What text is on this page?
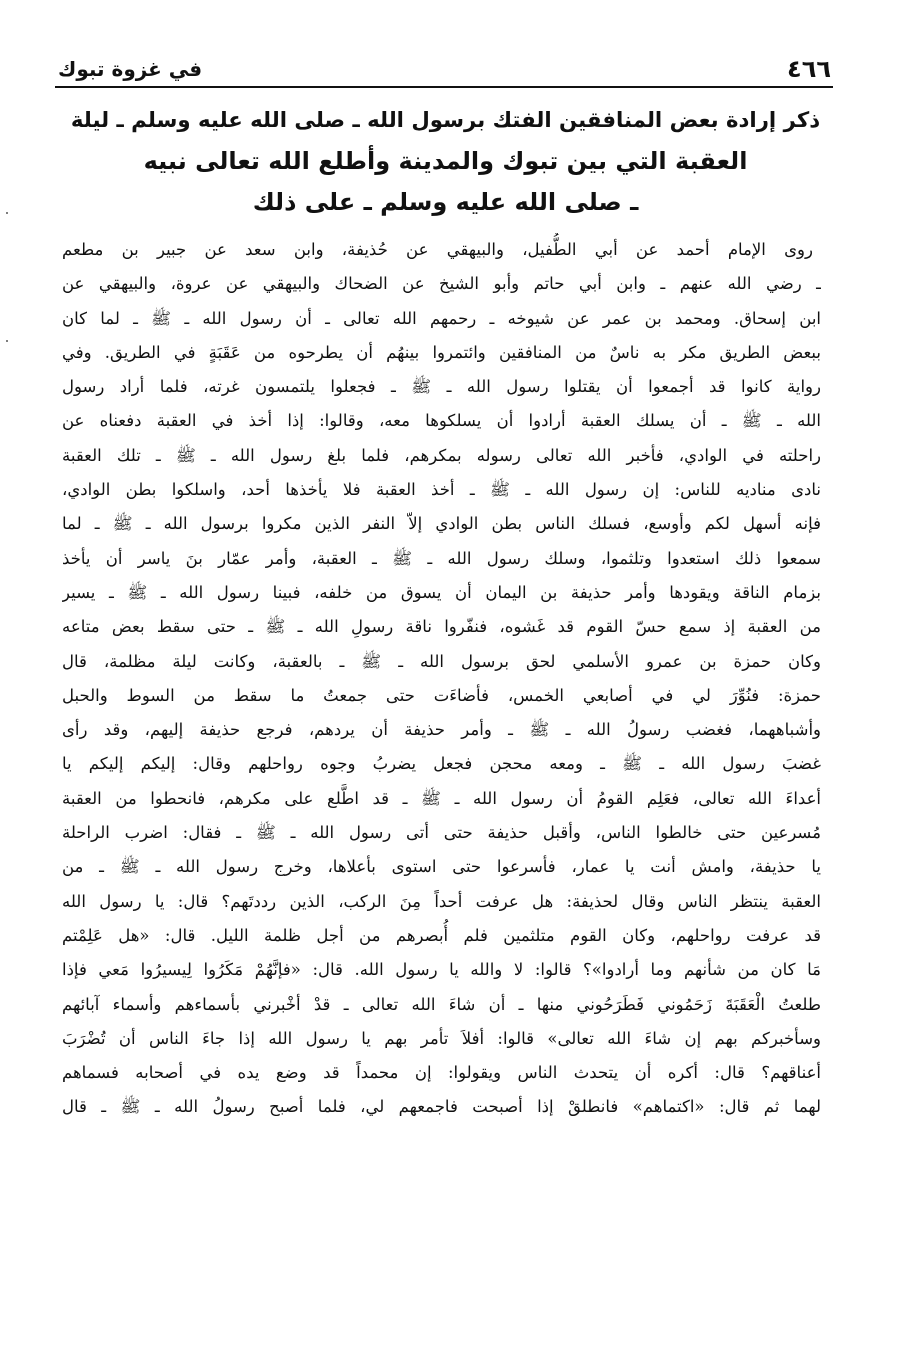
٤٦٦
في غزوة تبوك
ذكر إرادة بعض المنافقين الفتك برسول الله ـ صلى الله عليه وسلم ـ ليلة
العقبة التي بين تبوك والمدينة وأطلع الله تعالى نبيه
ـ صلى الله عليه وسلم ـ على ذلك
روى الإمام أحمد عن أبي الطُّفيل، والبيهقي عن حُذيفة، وابن سعد عن جبير بن مطعم
ـ رضي الله عنهم ـ وابن أبي حاتم وأبو الشيخ عن الضحاك والبيهقي عن عروة، والبيهقي عن
ابن إسحاق. ومحمد بن عمر عن شيوخه ـ رحمهم الله تعالى ـ أن رسول الله ـ ﷺ ـ لما كان
ببعض الطريق مكر به ناسٌ من المنافقين وائتمروا بينهُم أن يطرحوه من عَقَبَةٍ في الطريق. وفي
رواية كانوا قد أجمعوا أن يقتلوا رسول الله ـ ﷺ ـ فجعلوا يلتمسون غرته، فلما أراد رسول
الله ـ ﷺ ـ أن يسلك العقبة أرادوا أن يسلكوها معه، وقالوا: إذا أخذ في العقبة دفعناه عن
راحلته في الوادي، فأخبر الله تعالى رسوله بمكرهم، فلما بلغ رسول الله ـ ﷺ ـ تلك العقبة
نادى مناديه للناس: إن رسول الله ـ ﷺ ـ أخذ العقبة فلا يأخذها أحد، واسلكوا بطن الوادي،
فإنه أسهل لكم وأوسع، فسلك الناس بطن الوادي إلاّ النفر الذين مكروا برسول الله ـ ﷺ ـ لما
سمعوا ذلك استعدوا وتلثموا، وسلك رسول الله ـ ﷺ ـ العقبة، وأمر عمّار بنَ ياسر أن يأخذ
بزمام الناقة ويقودها وأمر حذيفة بن اليمان أن يسوق من خلفه، فبينا رسول الله ـ ﷺ ـ يسير
من العقبة إذ سمع حسّ القوم قد غَشوه، فنفّروا ناقة رسولِ الله ـ ﷺ ـ حتى سقط بعض متاعه
وكان حمزة بن عمرو الأسلمي لحق برسول الله ـ ﷺ ـ بالعقبة، وكانت ليلة مظلمة، قال
حمزة: فنُوِّرَ لي في أصابعي الخمس، فأضاءَت حتى جمعتُ ما سقط من السوط والحبل
وأشباههما، فغضب رسولُ الله ـ ﷺ ـ وأمر حذيفة أن يردهم، فرجع حذيفة إليهم، وقد رأى
غضبَ رسول الله ـ ﷺ ـ ومعه محجن فجعل يضربُ وجوه رواحلهم وقال: إليكم إليكم يا
أعداءَ الله تعالى، فعَلِم القومُ أن رسول الله ـ ﷺ ـ قد اطَّلع على مكرهم، فانحطوا من العقبة
مُسرعين حتى خالطوا الناس، وأقبل حذيفة حتى أتى رسول الله ـ ﷺ ـ فقال: اضرب الراحلة
يا حذيفة، وامش أنت يا عمار، فأسرعوا حتى استوى بأعلاها، وخرج رسول الله ـ ﷺ ـ من
العقبة ينتظر الناس وقال لحذيفة: هل عرفت أحداً مِنَ الركب، الذين رددتَهم؟ قال: يا رسول الله
قد عرفت رواحلهم، وكان القوم متلثمين فلم أُبصرهم من أجل ظلمة الليل. قال: «هل عَلِمْتم
مَا كان من شأنهم وما أرادوا»؟ قالوا: لا والله يا رسول الله. قال: «فإنَّهُمْ مَكَرُوا لِيسيرُوا مَعي فإذا
طلعتُ الْعَقَبَةَ زَحَمُوني فَطَرَحُوني منها ـ أن شاءَ الله تعالى ـ قدْ أخْبرني بأسماءهم وأسماء آبائهم
وسأخبركم بهم إن شاءَ الله تعالى» قالوا: أفلاَ تأمر بهم يا رسول الله إذا جاءَ الناس أن تُضْرَبَ
أعناقهم؟ قال: أكره أن يتحدث الناس ويقولوا: إن محمداً قد وضع يده في أصحابه فسماهم
لهما ثم قال: «اكتماهم» فانطلقْ إذا أصبحت فاجمعهم لي، فلما أصبح رسولُ الله ـ ﷺ ـ قال
